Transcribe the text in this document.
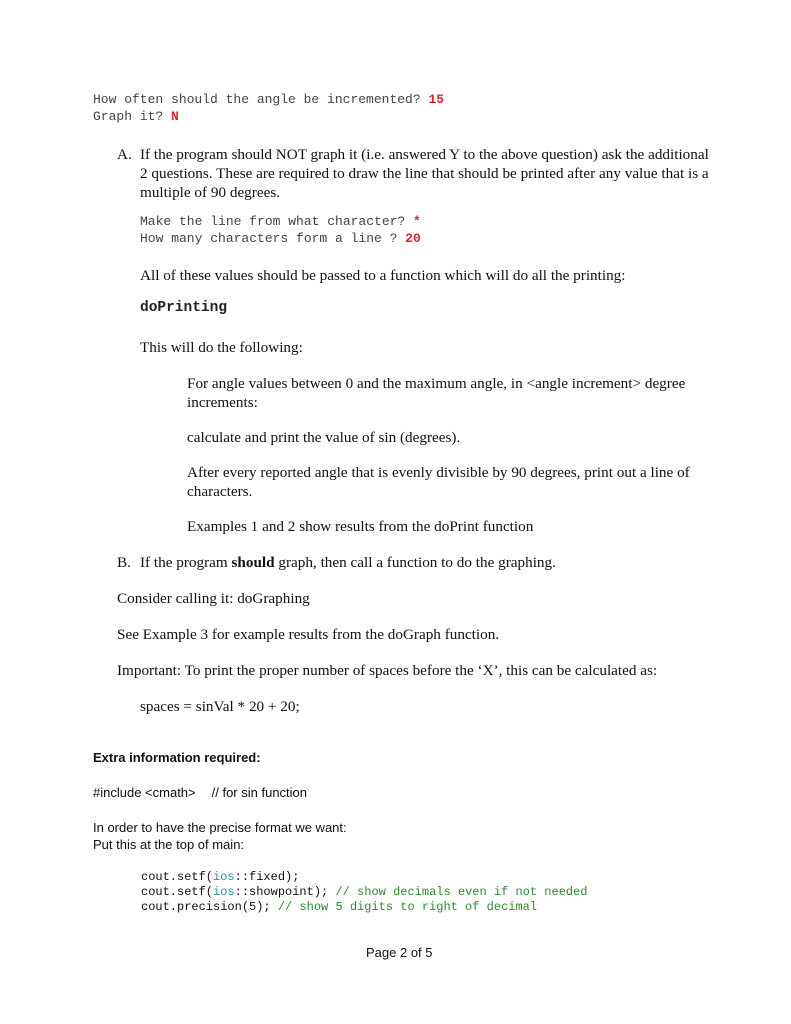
How often should the angle be incremented? 15
Graph it? N
A. If the program should NOT graph it (i.e. answered Y to the above question) ask the additional 2 questions. These are required to draw the line that should be printed after any value that is a multiple of 90 degrees.
Make the line from what character? *
How many characters form a line ? 20
All of these values should be passed to a function which will do all the printing:
doPrinting
This will do the following:
For angle values between 0 and the maximum angle, in <angle increment> degree increments:
calculate and print the value of sin (degrees).
After every reported angle that is evenly divisible by 90 degrees, print out a line of characters.
Examples 1 and 2 show results from the doPrint function
B. If the program should graph, then call a function to do the graphing.
Consider calling it: doGraphing
See Example 3 for example results from the doGraph function.
Important: To print the proper number of spaces before the ‘X’, this can be calculated as:
spaces = sinVal * 20 + 20;
Extra information required:
#include <cmath> // for sin function
In order to have the precise format we want:
Put this at the top of main:
cout.setf(ios::fixed);
cout.setf(ios::showpoint); // show decimals even if not needed
cout.precision(5); // show 5 digits to right of decimal
Page 2 of 5
